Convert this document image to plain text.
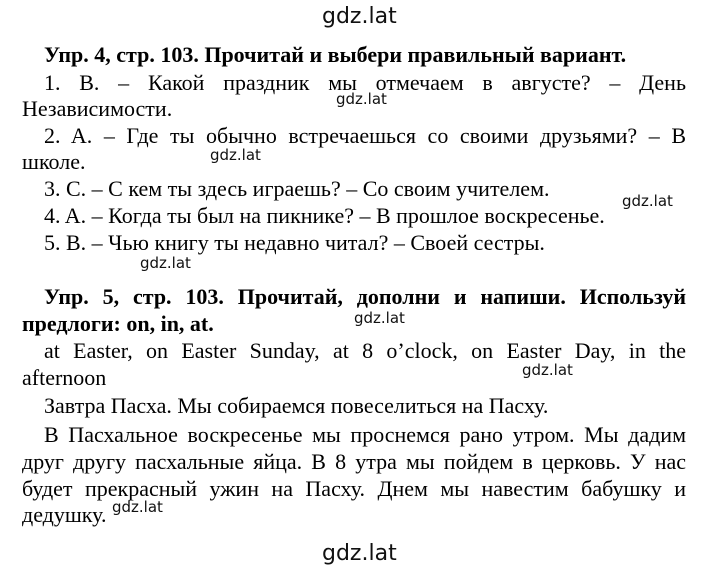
gdz.lat
Упр. 4, стр. 103. Прочитай и выбери правильный вариант.
1. B. – Какой праздник мы отмечаем в августе? – День
Независимости.
2. A. – Где ты обычно встречаешься со своими друзьями? – В
школе.
3. C. – С кем ты здесь играешь? – Со своим учителем.
4. A. – Когда ты был на пикнике? – В прошлое воскресенье.
5. B. – Чью книгу ты недавно читал? – Своей сестры.
Упр. 5, стр. 103. Прочитай, дополни и напиши. Используй
предлоги: on, in, at.
at Easter, on Easter Sunday, at 8 o’clock, on Easter Day, in the
afternoon
Завтра Пасха. Мы собираемся повеселиться на Пасху.
В Пасхальное воскресенье мы проснемся рано утром. Мы дадим
друг другу пасхальные яйца. В 8 утра мы пойдем в церковь. У нас
будет прекрасный ужин на Пасху. Днем мы навестим бабушку и
дедушку.
gdz.lat
gdz.lat
gdz.lat
gdz.lat
gdz.lat
gdz.lat
gdz.lat
gdz.lat
